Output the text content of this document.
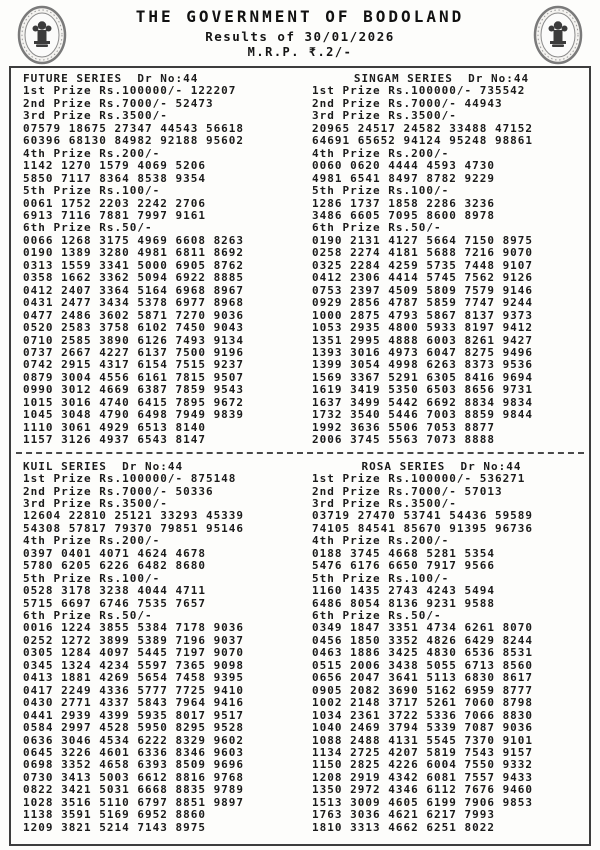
THE GOVERNMENT OF BODOLAND
Results of 30/01/2026
M.R.P. ₹.2/-
FUTURE SERIES  Dr No:44
1st Prize Rs.100000/- 122207
2nd Prize Rs.7000/- 52473
3rd Prize Rs.3500/-
07579 18675 27347 44543 56618
60396 68130 84982 92188 95602
4th Prize Rs.200/-
1142 1270 1579 4069 5206
5850 7117 8364 8538 9354
5th Prize Rs.100/-
0061 1752 2203 2242 2706
6913 7116 7881 7997 9161
6th Prize Rs.50/-
0066 1268 3175 4969 6608 8263
0190 1389 3280 4981 6811 8692
0313 1559 3341 5000 6905 8762
0358 1662 3362 5094 6922 8885
0412 2407 3364 5164 6968 8967
0431 2477 3434 5378 6977 8968
0477 2486 3602 5871 7270 9036
0520 2583 3758 6102 7450 9043
0710 2585 3890 6126 7493 9134
0737 2667 4227 6137 7500 9196
0742 2915 4317 6154 7515 9237
0879 3004 4556 6161 7815 9507
0990 3012 4669 6387 7859 9543
1015 3016 4740 6415 7895 9672
1045 3048 4790 6498 7949 9839
1110 3061 4929 6513 8140
1157 3126 4937 6543 8147
SINGAM SERIES  Dr No:44
1st Prize Rs.100000/- 735542
2nd Prize Rs.7000/- 44943
3rd Prize Rs.3500/-
20965 24517 24582 33488 47152
64691 65652 94124 95248 98861
4th Prize Rs.200/-
0060 0620 4444 4593 4730
4981 6541 8497 8782 9229
5th Prize Rs.100/-
1286 1737 1858 2286 3236
3486 6605 7095 8600 8978
6th Prize Rs.50/-
0190 2131 4127 5664 7150 8975
0258 2274 4181 5688 7216 9070
0325 2284 4259 5735 7448 9107
0412 2306 4414 5745 7562 9126
0753 2397 4509 5809 7579 9146
0929 2856 4787 5859 7747 9244
1000 2875 4793 5867 8137 9373
1053 2935 4800 5933 8197 9412
1351 2995 4888 6003 8261 9427
1393 3016 4973 6047 8275 9496
1399 3054 4998 6263 8373 9536
1569 3367 5291 6305 8416 9694
1619 3419 5350 6503 8656 9731
1637 3499 5442 6692 8834 9834
1732 3540 5446 7003 8859 9844
1992 3636 5506 7053 8877
2006 3745 5563 7073 8888
KUIL SERIES  Dr No:44
1st Prize Rs.100000/- 875148
2nd Prize Rs.7000/- 50336
3rd Prize Rs.3500/-
12604 22810 25121 33293 45339
54308 57817 79370 79851 95146
4th Prize Rs.200/-
0397 0401 4071 4624 4678
5780 6205 6226 6482 8680
5th Prize Rs.100/-
0528 3178 3238 4044 4711
5715 6697 6746 7535 7657
6th Prize Rs.50/-
0016 1224 3855 5384 7178 9036
0252 1272 3899 5389 7196 9037
0305 1284 4097 5445 7197 9070
0345 1324 4234 5597 7365 9098
0413 1881 4269 5654 7458 9395
0417 2249 4336 5777 7725 9410
0430 2771 4337 5843 7964 9416
0441 2939 4399 5935 8017 9517
0584 2997 4528 5950 8295 9528
0636 3046 4534 6222 8329 9602
0645 3226 4601 6336 8346 9603
0698 3352 4658 6393 8509 9696
0730 3413 5003 6612 8816 9768
0822 3421 5031 6668 8835 9789
1028 3516 5110 6797 8851 9897
1138 3591 5169 6952 8860
1209 3821 5214 7143 8975
ROSA SERIES  Dr No:44
1st Prize Rs.100000/- 536271
2nd Prize Rs.7000/- 57013
3rd Prize Rs.3500/-
03719 27470 53741 54436 59589
74105 84541 85670 91395 96736
4th Prize Rs.200/-
0188 3745 4668 5281 5354
5476 6176 6650 7917 9566
5th Prize Rs.100/-
1160 1435 2743 4243 5494
6486 8054 8136 9231 9588
6th Prize Rs.50/-
0349 1847 3351 4734 6261 8070
0456 1850 3352 4826 6429 8244
0463 1886 3425 4830 6536 8531
0515 2006 3438 5055 6713 8560
0656 2047 3641 5113 6830 8617
0905 2082 3690 5162 6959 8777
1002 2148 3717 5261 7060 8798
1034 2361 3722 5336 7066 8830
1040 2469 3794 5339 7087 9036
1088 2488 4131 5545 7370 9101
1134 2725 4207 5819 7543 9157
1150 2825 4226 6004 7550 9332
1208 2919 4342 6081 7557 9433
1350 2972 4346 6112 7676 9460
1513 3009 4605 6199 7906 9853
1763 3036 4621 6217 7993
1810 3313 4662 6251 8022
